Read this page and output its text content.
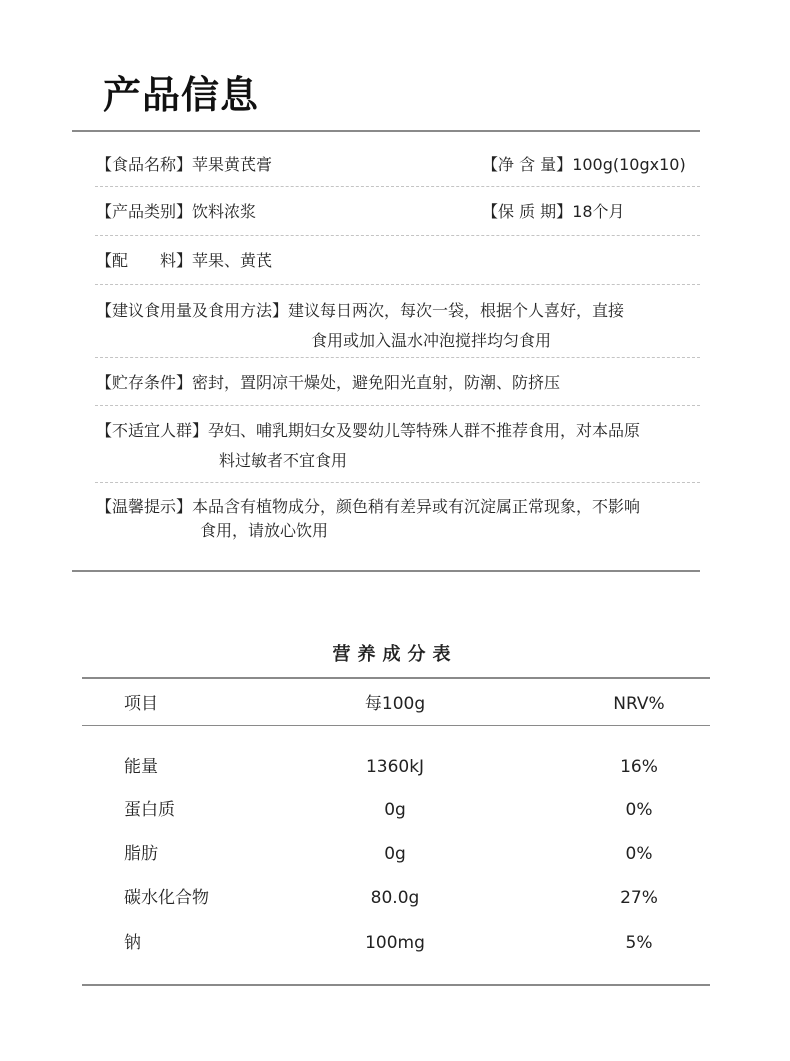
产品信息
【食品名称】苹果黄芪膏	【净 含 量】100g(10gx10)
【产品类别】饮料浓浆	【保 质 期】18个月
【配　　料】苹果、黄芪
【建议食用量及食用方法】建议每日两次，每次一袋，根据个人喜好，直接
食用或加入温水冲泡搅拌均匀食用
【贮存条件】密封，置阴凉干燥处，避免阳光直射，防潮、防挤压
【不适宜人群】孕妇、哺乳期妇女及婴幼儿等特殊人群不推荐食用，对本品原
料过敏者不宜食用
【温馨提示】本品含有植物成分，颜色稍有差异或有沉淀属正常现象，不影响
食用，请放心饮用
营养成分表
项目	每100g	NRV%
能量	1360kJ	16%
蛋白质	0g	0%
脂肪	0g	0%
碳水化合物	80.0g	27%
钠	100mg	5%
